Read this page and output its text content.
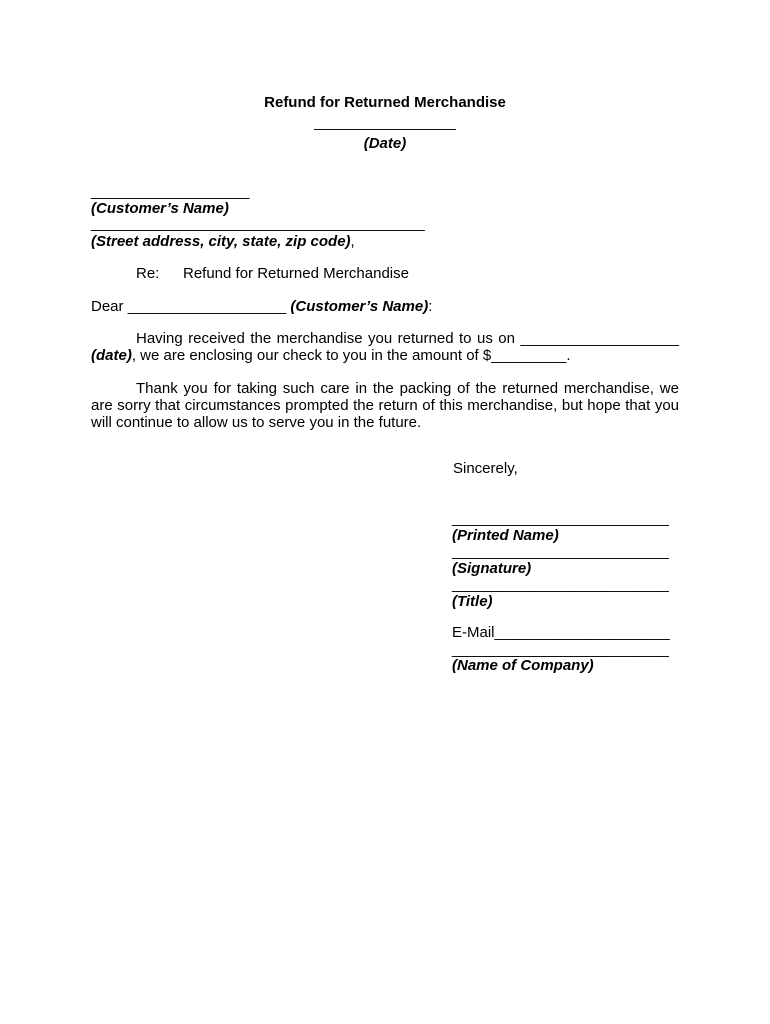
Refund for Returned Merchandise
_________________
(Date)
___________________
(Customer’s Name)
________________________________________
(Street address, city, state, zip code),
Re: Refund for Returned Merchandise
Dear ___________________ (Customer’s Name):

Having received the merchandise you returned to us on ___________________ (date), we are enclosing our check to you in the amount of $_________.

Thank you for taking such care in the packing of the returned merchandise, we are sorry that circumstances prompted the return of this merchandise, but hope that you will continue to allow us to serve you in the future.

Sincerely,
__________________________
(Printed Name)
__________________________
(Signature)
__________________________
(Title)
E-Mail_____________________
__________________________
(Name of Company)
